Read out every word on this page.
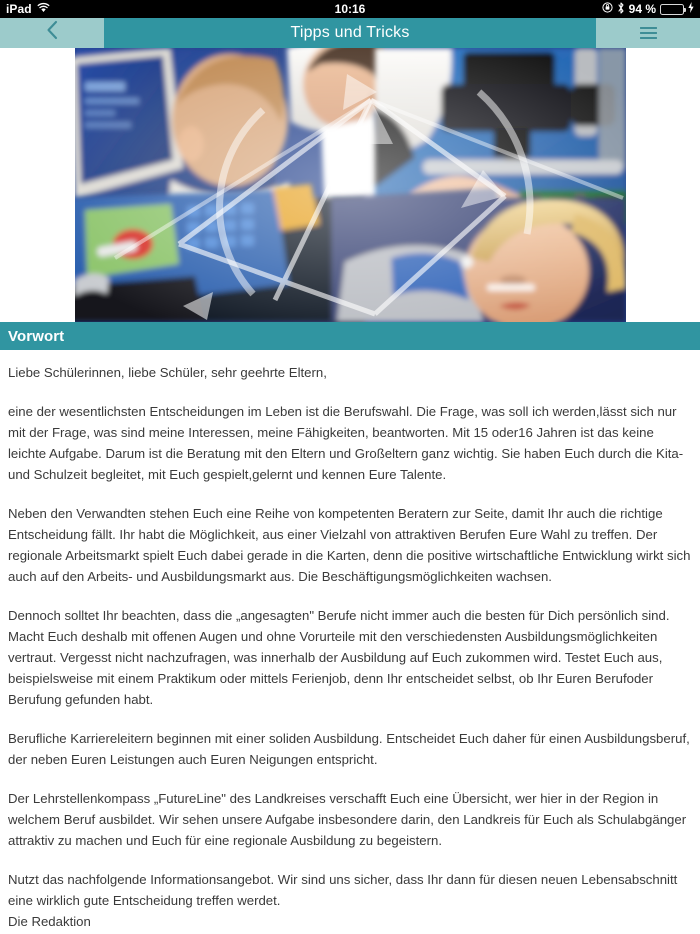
iPad	10:16	94 %
Tipps und Tricks
Vorwort

Liebe Schülerinnen, liebe Schüler, sehr geehrte Eltern,

eine der wesentlichsten Entscheidungen im Leben ist die Berufswahl. Die Frage, was soll ich werden,lässt sich nur mit der Frage, was sind meine Interessen, meine Fähigkeiten, beantworten. Mit 15 oder16 Jahren ist das keine leichte Aufgabe. Darum ist die Beratung mit den Eltern und Großeltern ganz wichtig. Sie haben Euch durch die Kita- und Schulzeit begleitet, mit Euch gespielt,gelernt und kennen Eure Talente.

Neben den Verwandten stehen Euch eine Reihe von kompetenten Beratern zur Seite, damit Ihr auch die richtige Entscheidung fällt. Ihr habt die Möglichkeit, aus einer Vielzahl von attraktiven Berufen Eure Wahl zu treffen. Der regionale Arbeitsmarkt spielt Euch dabei gerade in die Karten, denn die positive wirtschaftliche Entwicklung wirkt sich auch auf den Arbeits- und Ausbildungsmarkt aus. Die Beschäftigungsmöglichkeiten wachsen.

Dennoch solltet Ihr beachten, dass die „angesagten" Berufe nicht immer auch die besten für Dich persönlich sind. Macht Euch deshalb mit offenen Augen und ohne Vorurteile mit den verschiedensten Ausbildungsmöglichkeiten vertraut. Vergesst nicht nachzufragen, was innerhalb der Ausbildung auf Euch zukommen wird. Testet Euch aus, beispielsweise mit einem Praktikum oder mittels Ferienjob, denn Ihr entscheidet selbst, ob Ihr Euren Berufoder Berufung gefunden habt.

Berufliche Karriereleitern beginnen mit einer soliden Ausbildung. Entscheidet Euch daher für einen Ausbildungsberuf, der neben Euren Leistungen auch Euren Neigungen entspricht.

Der Lehrstellenkompass „FutureLine" des Landkreises verschafft Euch eine Übersicht, wer hier in der Region in welchem Beruf ausbildet. Wir sehen unsere Aufgabe insbesondere darin, den Landkreis für Euch als Schulabgänger attraktiv zu machen und Euch für eine regionale Ausbildung zu begeistern.

Nutzt das nachfolgende Informationsangebot. Wir sind uns sicher, dass Ihr dann für diesen neuen Lebensabschnitt eine wirklich gute Entscheidung treffen werdet.

Die Redaktion
